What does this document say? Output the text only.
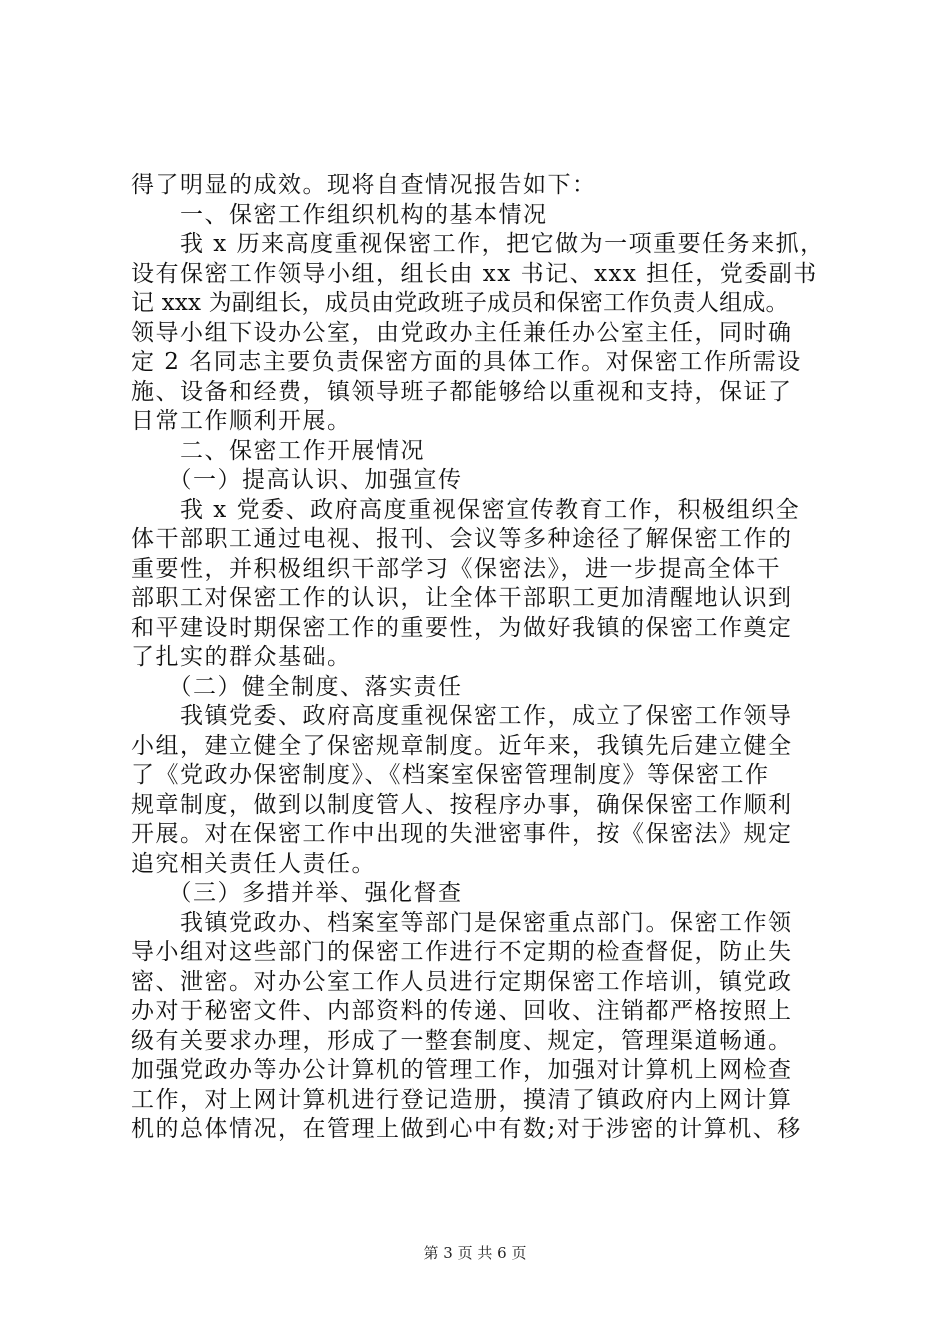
得了明显的成效。现将自查情况报告如下：
　　一、保密工作组织机构的基本情况
　　我 x 历来高度重视保密工作，把它做为一项重要任务来抓，
设有保密工作领导小组，组长由 xx 书记、xxx 担任，党委副书
记 xxx 为副组长，成员由党政班子成员和保密工作负责人组成。
领导小组下设办公室，由党政办主任兼任办公室主任，同时确
定 2 名同志主要负责保密方面的具体工作。对保密工作所需设
施、设备和经费，镇领导班子都能够给以重视和支持，保证了
日常工作顺利开展。
　　二、保密工作开展情况
　　（一）提高认识、加强宣传
　　我 x 党委、政府高度重视保密宣传教育工作，积极组织全
体干部职工通过电视、报刊、会议等多种途径了解保密工作的
重要性，并积极组织干部学习《保密法》，进一步提高全体干
部职工对保密工作的认识，让全体干部职工更加清醒地认识到
和平建设时期保密工作的重要性，为做好我镇的保密工作奠定
了扎实的群众基础。
　　（二）健全制度、落实责任
　　我镇党委、政府高度重视保密工作，成立了保密工作领导
小组，建立健全了保密规章制度。近年来，我镇先后建立健全
了《党政办保密制度》、《档案室保密管理制度》等保密工作
规章制度，做到以制度管人、按程序办事，确保保密工作顺利
开展。对在保密工作中出现的失泄密事件，按《保密法》规定
追究相关责任人责任。
　　（三）多措并举、强化督查
　　我镇党政办、档案室等部门是保密重点部门。保密工作领
导小组对这些部门的保密工作进行不定期的检查督促，防止失
密、泄密。对办公室工作人员进行定期保密工作培训，镇党政
办对于秘密文件、内部资料的传递、回收、注销都严格按照上
级有关要求办理，形成了一整套制度、规定，管理渠道畅通。
加强党政办等办公计算机的管理工作，加强对计算机上网检查
工作，对上网计算机进行登记造册，摸清了镇政府内上网计算
机的总体情况，在管理上做到心中有数;对于涉密的计算机、移
第 3 页 共 6 页
